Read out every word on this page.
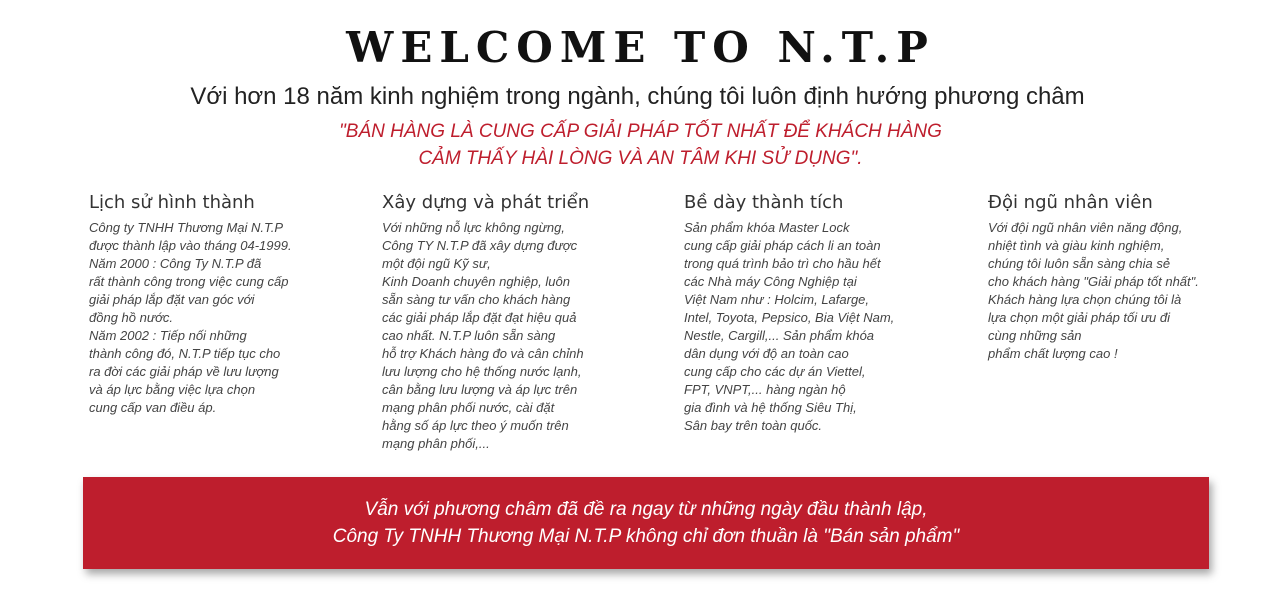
WELCOME TO N.T.P
Với hơn 18 năm kinh nghiệm trong ngành, chúng tôi luôn định hướng phương châm
"BÁN HÀNG LÀ CUNG CẤP GIẢI PHÁP TỐT NHẤT ĐỂ KHÁCH HÀNG
CẢM THẤY HÀI LÒNG VÀ AN TÂM KHI SỬ DỤNG".
Lịch sử hình thành
Công ty TNHH Thương Mại N.T.P
được thành lập vào tháng 04-1999.
Năm 2000 : Công Ty N.T.P đã
rất thành công trong việc cung cấp
giải pháp lắp đặt van góc với
đồng hồ nước.
Năm 2002 : Tiếp nối những
thành công đó, N.T.P tiếp tục cho
ra đời các giải pháp về lưu lượng
và áp lực bằng việc lựa chọn
cung cấp van điều áp.
Xây dựng và phát triển
Với những nỗ lực không ngừng,
Công TY N.T.P đã xây dựng được
một đội ngũ Kỹ sư,
Kinh Doanh chuyên nghiệp, luôn
sẵn sàng tư vấn cho khách hàng
các giải pháp lắp đặt đạt hiệu quả
cao nhất. N.T.P luôn sẵn sàng
hỗ trợ Khách hàng đo và cân chỉnh
lưu lượng cho hệ thống nước lạnh,
cân bằng lưu lượng và áp lực trên
mạng phân phối nước, cài đặt
hằng số áp lực theo ý muốn trên
mạng phân phối,...
Bề dày thành tích
Sản phẩm khóa Master Lock
cung cấp giải pháp cách li an toàn
trong quá trình bảo trì cho hầu hết
các Nhà máy Công Nghiệp tại
Việt Nam như : Holcim, Lafarge,
Intel, Toyota, Pepsico, Bia Việt Nam,
Nestle, Cargill,... Sản phẩm khóa
dân dụng với độ an toàn cao
cung cấp cho các dự án Viettel,
FPT, VNPT,... hàng ngàn hộ
gia đình và hệ thống Siêu Thị,
Sân bay trên toàn quốc.
Đội ngũ nhân viên
Với đội ngũ nhân viên năng động,
nhiệt tình và giàu kinh nghiệm,
chúng tôi luôn sẵn sàng chia sẻ
cho khách hàng "Giải pháp tốt nhất".
Khách hàng lựa chọn chúng tôi là
lựa chọn một giải pháp tối ưu đi
cùng những sản
phẩm chất lượng cao !
Vẫn với phương châm đã đề ra ngay từ những ngày đầu thành lập,
Công Ty TNHH Thương Mại N.T.P không chỉ đơn thuần là "Bán sản phẩm"
